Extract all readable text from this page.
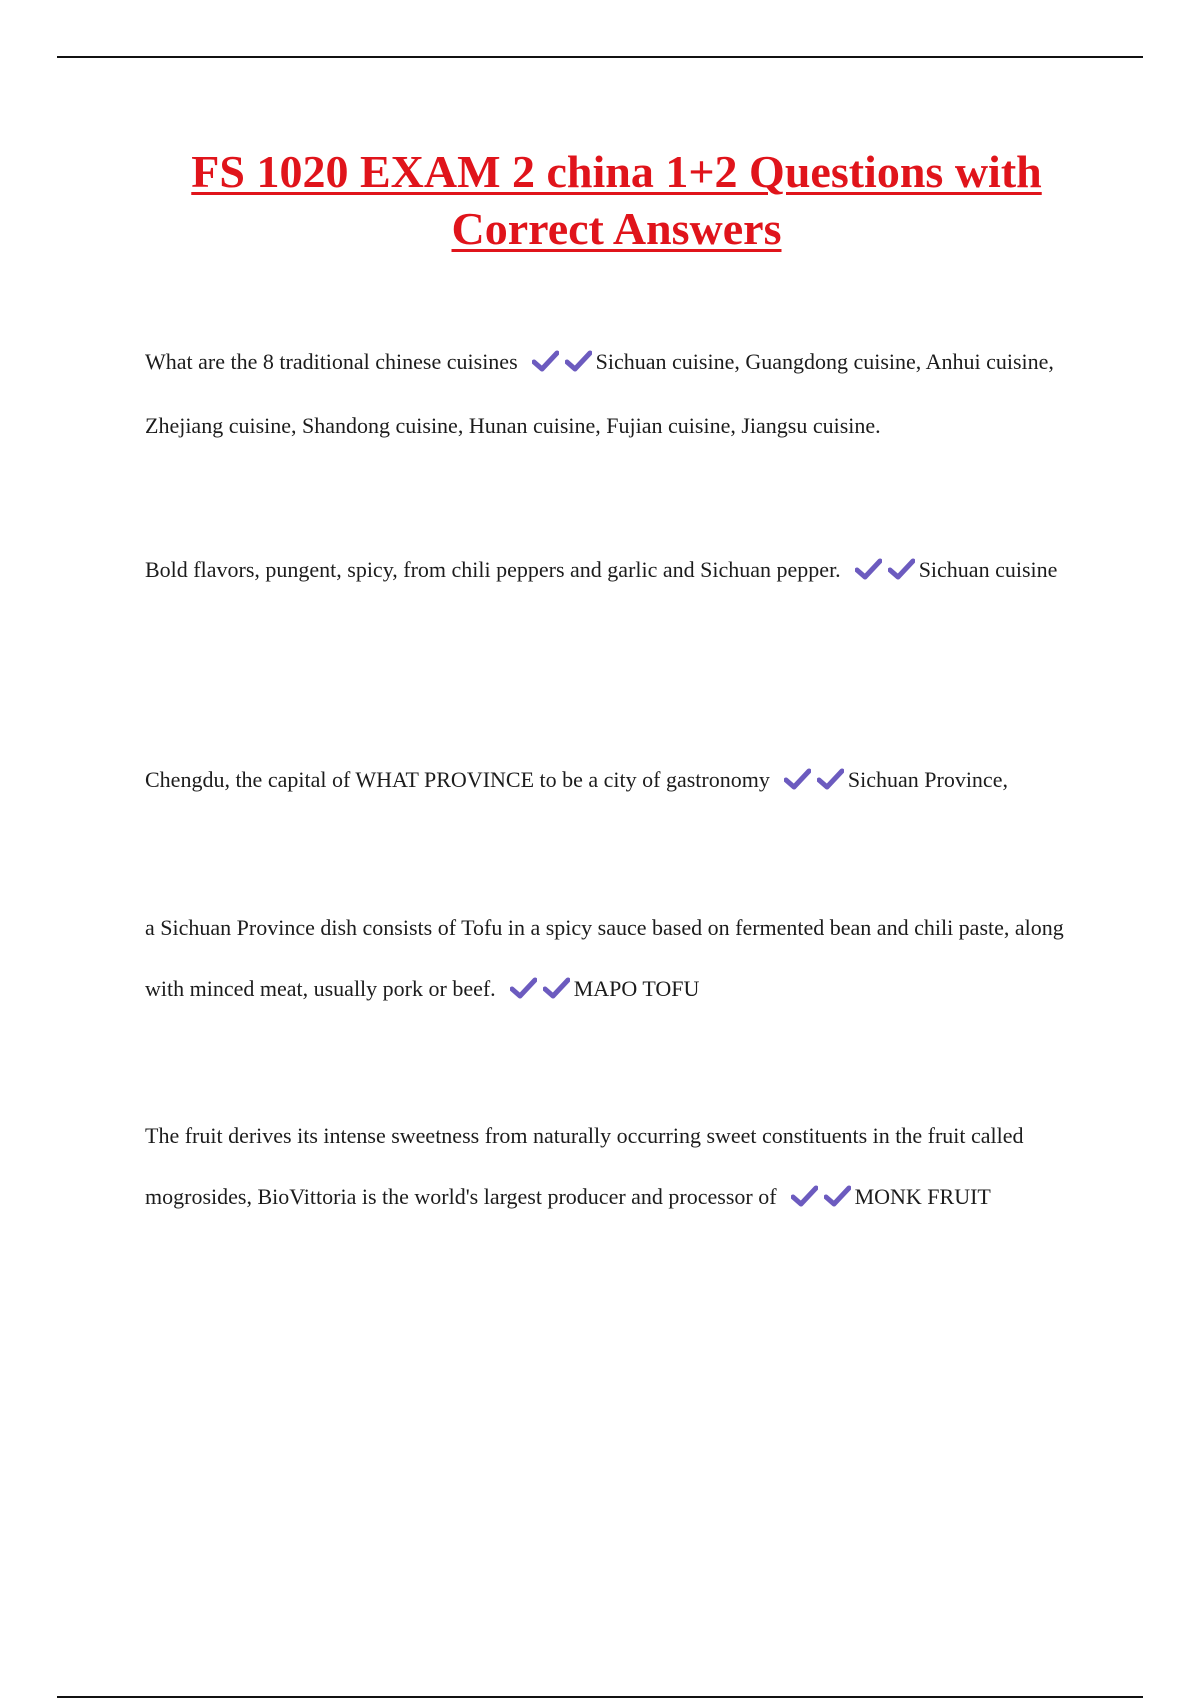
FS 1020 EXAM 2 china 1+2 Questions with Correct Answers

What are the 8 traditional chinese cuisines	Sichuan cuisine, Guangdong cuisine, Anhui cuisine, Zhejiang cuisine, Shandong cuisine, Hunan cuisine, Fujian cuisine, Jiangsu cuisine.

Bold flavors, pungent, spicy, from chili peppers and garlic and Sichuan pepper.	Sichuan cuisine

Chengdu, the capital of WHAT PROVINCE to be a city of gastronomy	Sichuan Province,

a Sichuan Province dish consists of Tofu in a spicy sauce based on fermented bean and chili paste, along with minced meat, usually pork or beef.	MAPO TOFU

The fruit derives its intense sweetness from naturally occurring sweet constituents in the fruit called mogrosides, BioVittoria is the world's largest producer and processor of	MONK FRUIT
